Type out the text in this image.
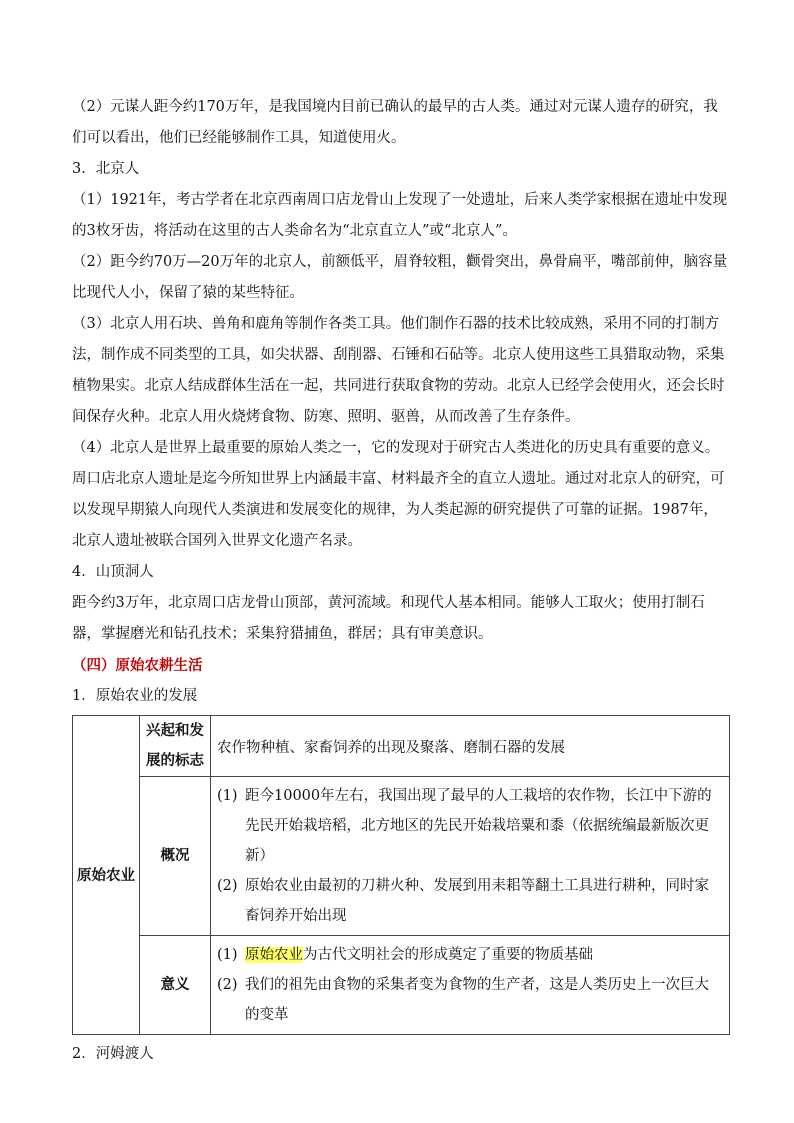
（2）元谋人距今约170万年，是我国境内目前已确认的最早的古人类。通过对元谋人遗存的研究，我们可以看出，他们已经能够制作工具，知道使用火。

3．北京人

（1）1921年，考古学者在北京西南周口店龙骨山上发现了一处遗址，后来人类学家根据在遗址中发现的3枚牙齿，将活动在这里的古人类命名为“北京直立人”或“北京人”。

（2）距今约70万—20万年的北京人，前额低平，眉脊较粗，颧骨突出，鼻骨扁平，嘴部前伸，脑容量比现代人小，保留了猿的某些特征。

（3）北京人用石块、兽角和鹿角等制作各类工具。他们制作石器的技术比较成熟，采用不同的打制方法，制作成不同类型的工具，如尖状器、刮削器、石锤和石砧等。北京人使用这些工具猎取动物，采集植物果实。北京人结成群体生活在一起，共同进行获取食物的劳动。北京人已经学会使用火，还会长时间保存火种。北京人用火烧烤食物、防寒、照明、驱兽，从而改善了生存条件。

（4）北京人是世界上最重要的原始人类之一，它的发现对于研究古人类进化的历史具有重要的意义。周口店北京人遗址是迄今所知世界上内涵最丰富、材料最齐全的直立人遗址。通过对北京人的研究，可以发现早期猿人向现代人类演进和发展变化的规律，为人类起源的研究提供了可靠的证据。1987年，北京人遗址被联合国列入世界文化遗产名录。

4．山顶洞人

距今约3万年，北京周口店龙骨山顶部，黄河流域。和现代人基本相同。能够人工取火；使用打制石器，掌握磨光和钻孔技术；采集狩猎捕鱼，群居；具有审美意识。

（四）原始农耕生活

1．原始农业的发展

原始农业	兴起和发展的标志	农作物种植、家畜饲养的出现及聚落、磨制石器的发展
	概况	(1) 距今10000年左右，我国出现了最早的人工栽培的农作物，长江中下游的先民开始栽培稻，北方地区的先民开始栽培粟和黍（依据统编最新版次更新）
(2) 原始农业由最初的刀耕火种、发展到用耒耜等翻土工具进行耕种，同时家畜饲养开始出现

	意义	(1) 原始农业为古代文明社会的形成奠定了重要的物质基础
(2) 我们的祖先由食物的采集者变为食物的生产者，这是人类历史上一次巨大的变革

2．河姆渡人
